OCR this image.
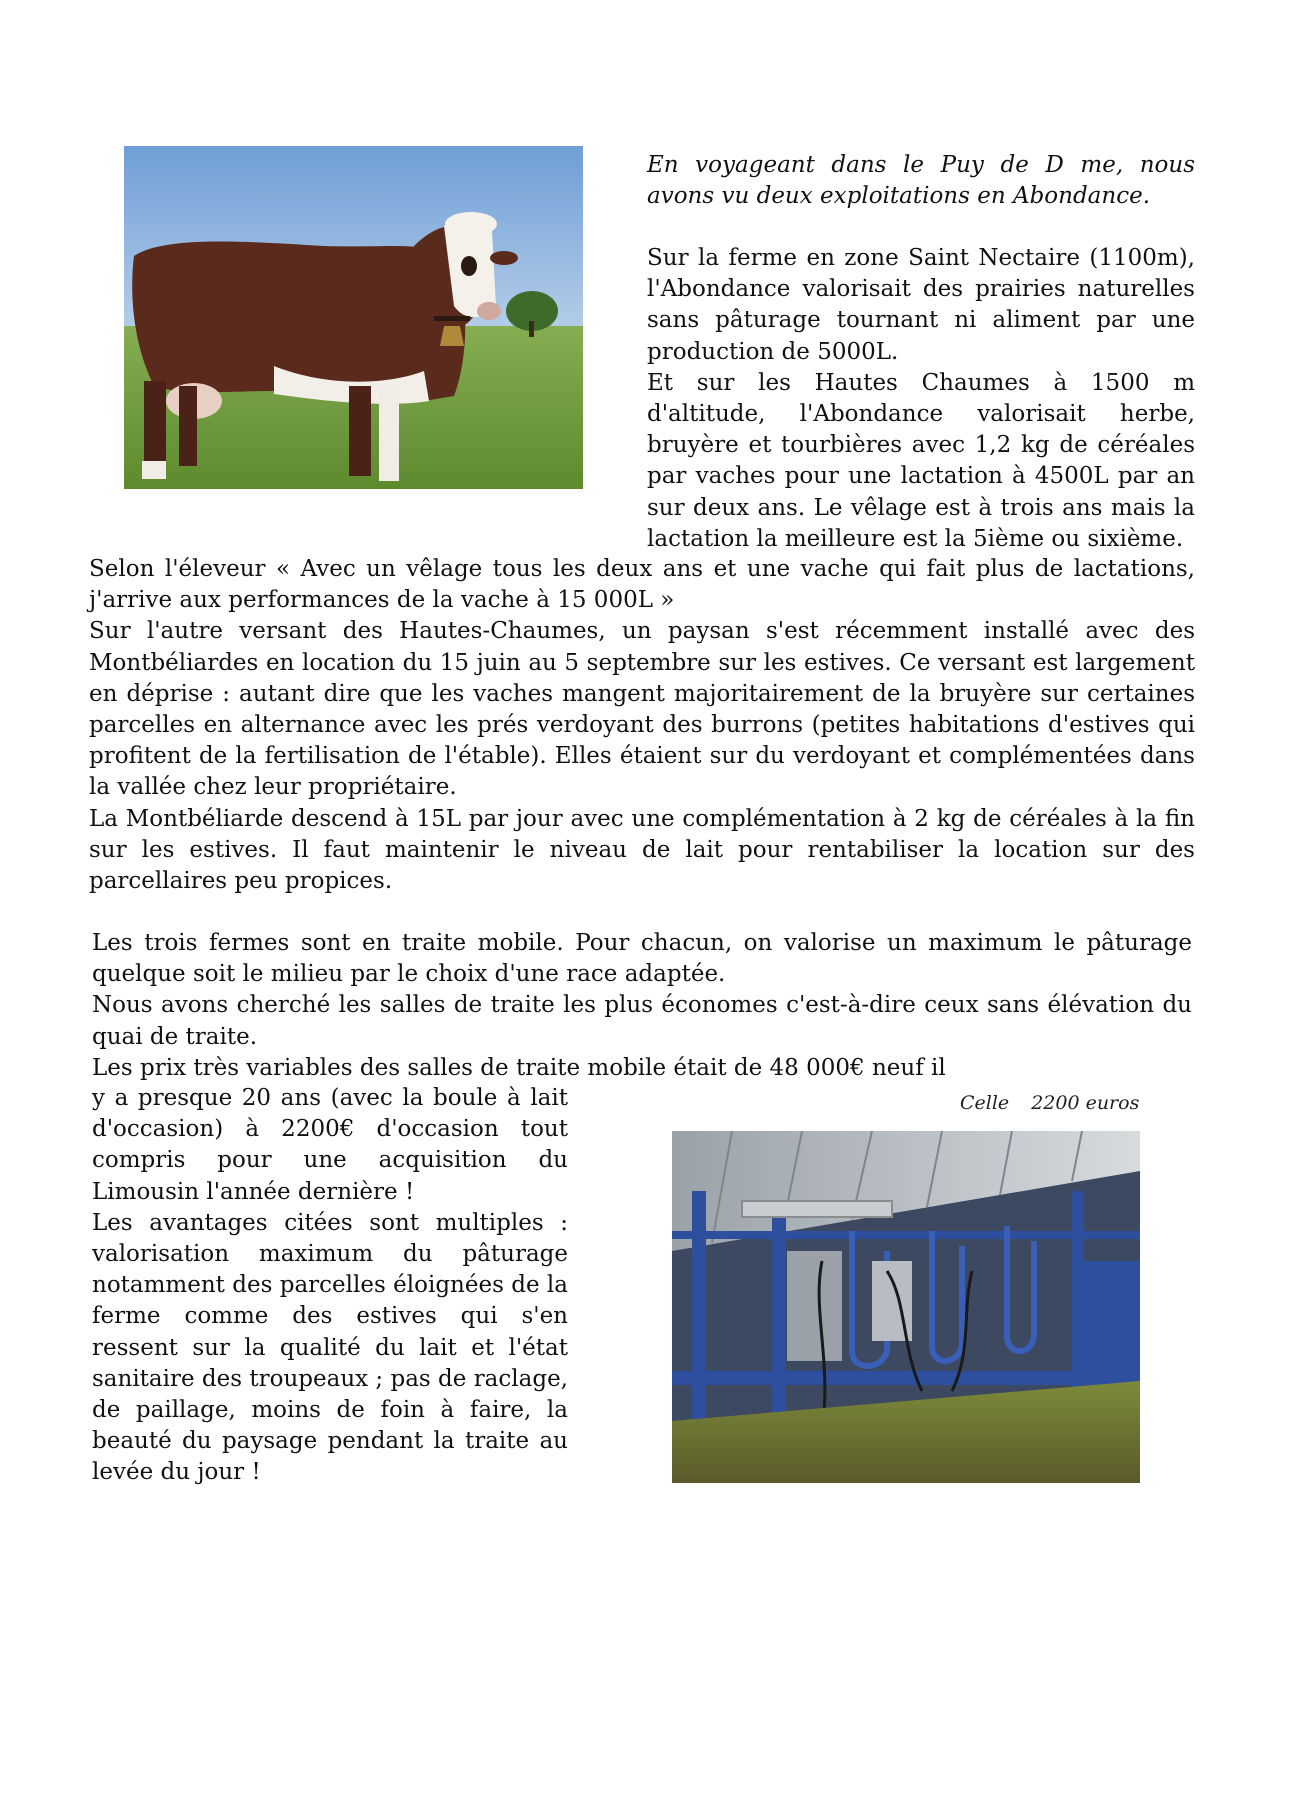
En voyageant dans le Puy de D me, nous avons vu deux exploitations en Abondance.

Sur la ferme en zone Saint Nectaire (1100m), l'Abondance valorisait des prairies naturelles sans pâturage tournant ni aliment par une production de 5000L.

Et sur les Hautes Chaumes à 1500 m d'altitude, l'Abondance valorisait herbe, bruyère et tourbières avec 1,2 kg de céréales par vaches pour une lactation à 4500L par an sur deux ans. Le vêlage est à trois ans mais la lactation la meilleure est la 5ième ou sixième.

Selon l'éleveur « Avec un vêlage tous les deux ans et une vache qui fait plus de lactations, j'arrive aux performances de la vache à 15 000L »

Sur l'autre versant des Hautes-Chaumes, un paysan s'est récemment installé avec des Montbéliardes en location du 15 juin au 5 septembre sur les estives. Ce versant est largement en déprise : autant dire que les vaches mangent majoritairement de la bruyère sur certaines parcelles en alternance avec les prés verdoyant des burrons (petites habitations d'estives qui profitent de la fertilisation de l'étable). Elles étaient sur du verdoyant et complémentées dans la vallée chez leur propriétaire.

La Montbéliarde descend à 15L par jour avec une complémentation à 2 kg de céréales à la fin sur les estives. Il faut maintenir le niveau de lait pour rentabiliser la location sur des parcellaires peu propices.

Les trois fermes sont en traite mobile. Pour chacun, on valorise un maximum le pâturage quelque soit le milieu par le choix d'une race adaptée.

Nous avons cherché les salles de traite les plus économes c'est-à-dire ceux sans élévation du quai de traite.

Les prix très variables des salles de traite mobile était de 48 000€ neuf il

y a presque 20 ans (avec la boule à lait d'occasion) à 2200€ d'occasion tout compris pour une acquisition du Limousin l'année dernière !

Les avantages citées sont multiples : valorisation maximum du pâturage notamment des parcelles éloignées de la ferme comme des estives qui s'en ressent sur la qualité du lait et l'état sanitaire des troupeaux ; pas de raclage, de paillage, moins de foin à faire, la beauté du paysage pendant la traite au levée du jour !

Celle 2200 euros
